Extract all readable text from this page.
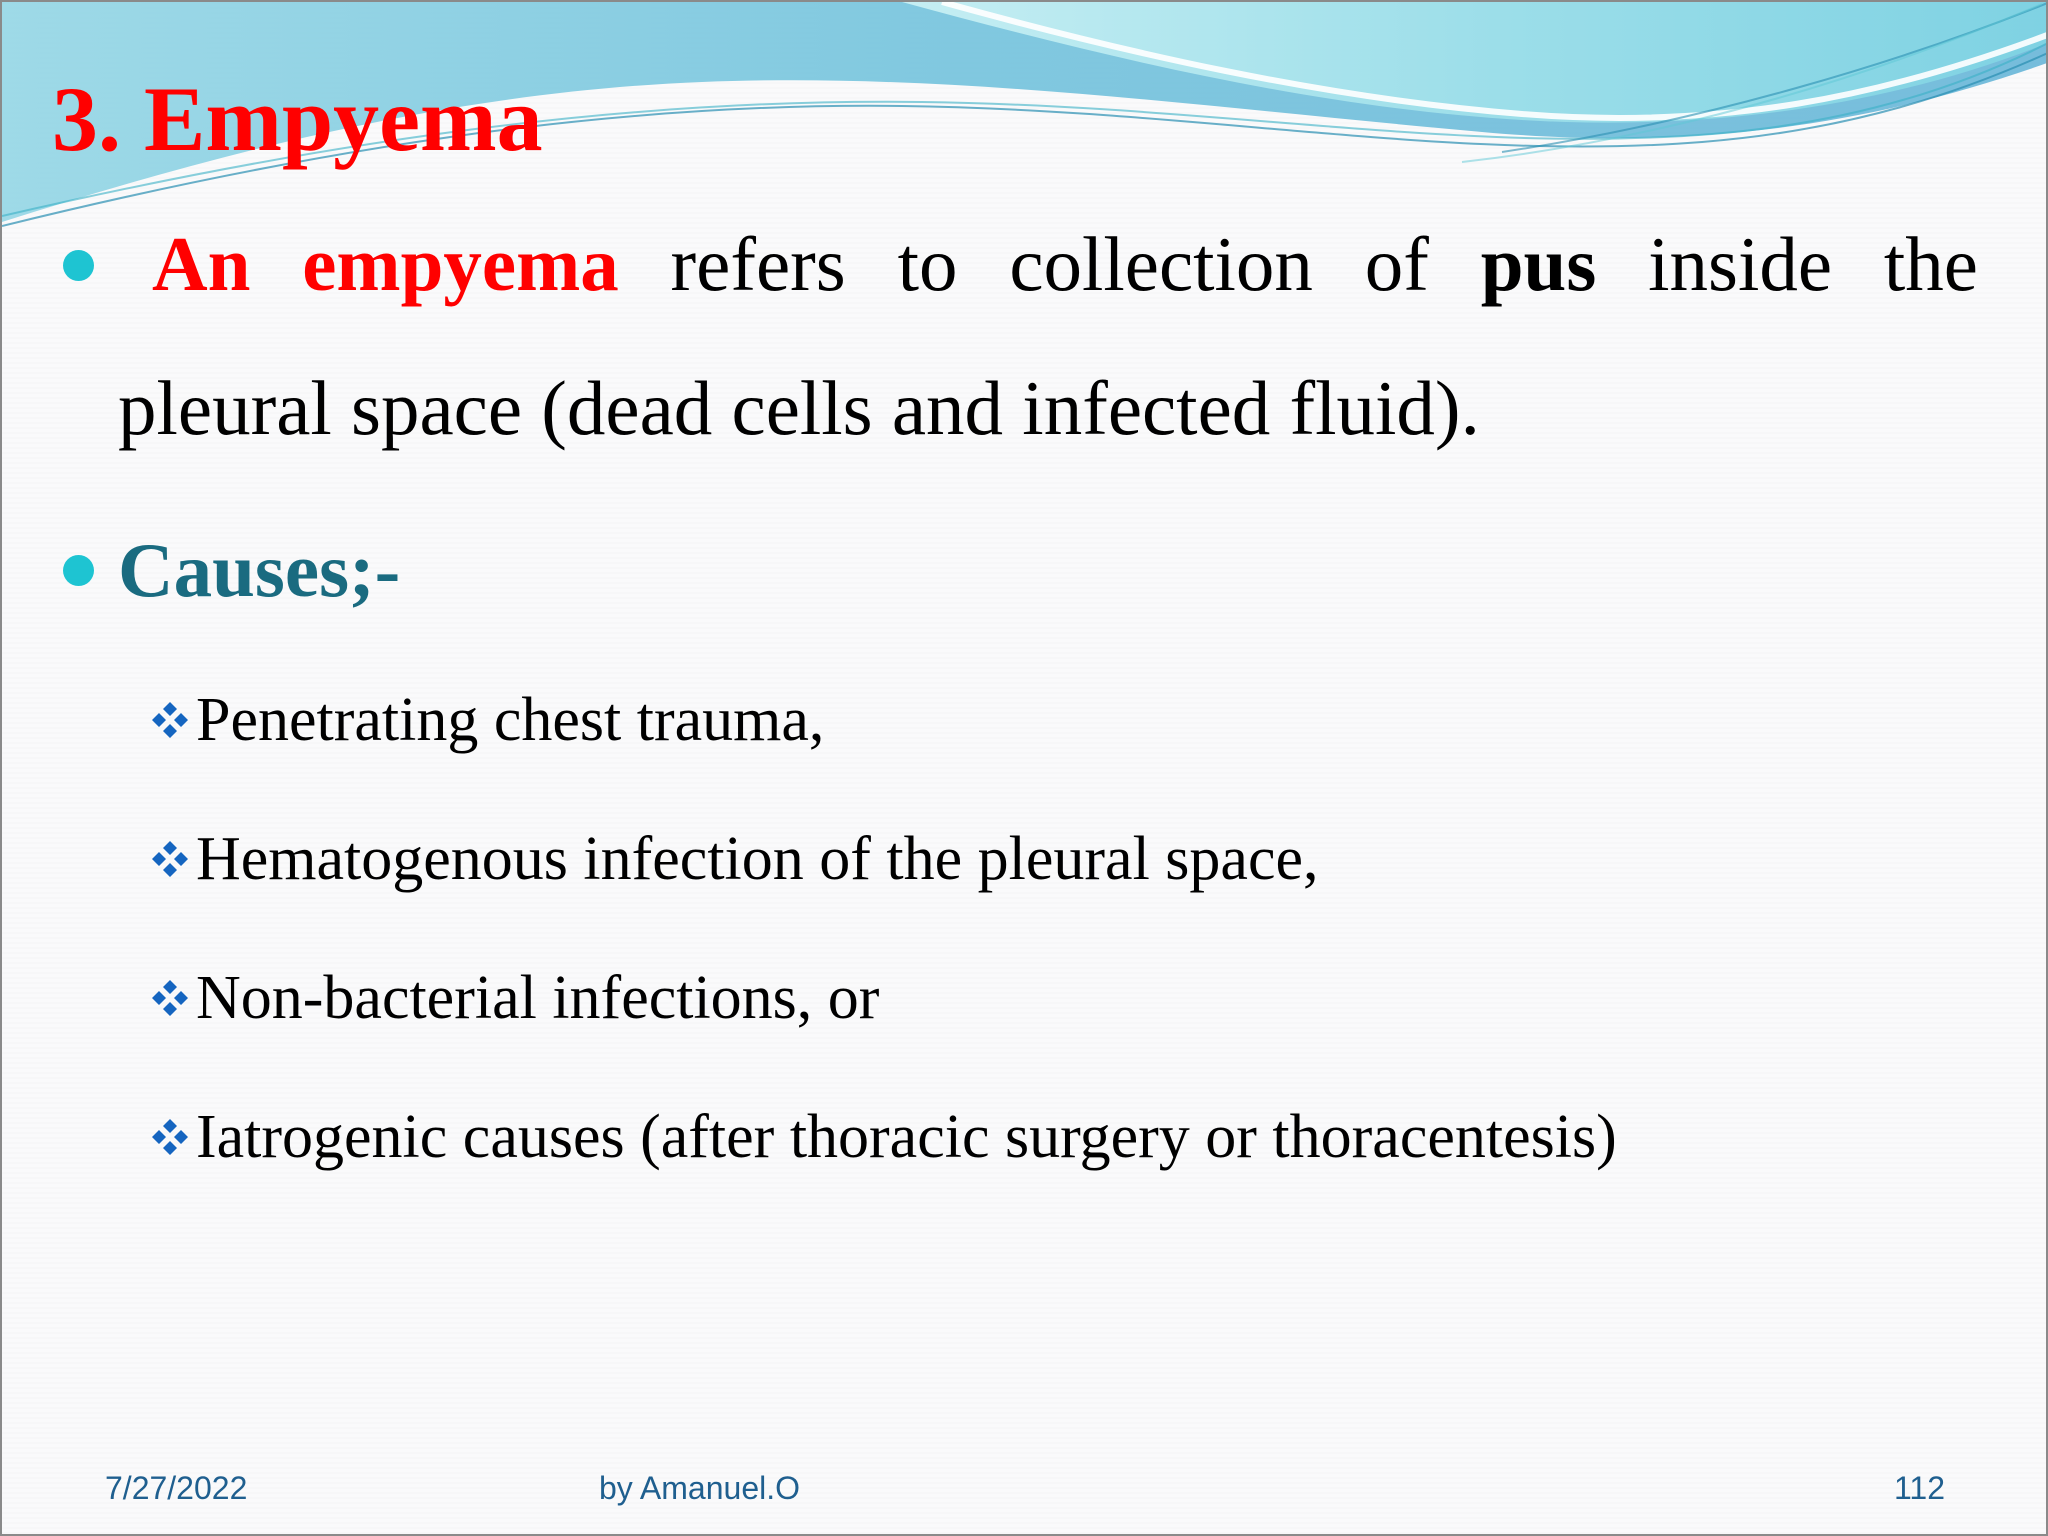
3. Empyema
An empyema refers to collection of pus inside the
pleural space (dead cells and infected fluid).
Causes;-
Penetrating chest trauma,
Hematogenous infection of the pleural space,
Non-bacterial infections, or
Iatrogenic causes (after thoracic surgery or thoracentesis)
7/27/2022	by Amanuel.O	112
